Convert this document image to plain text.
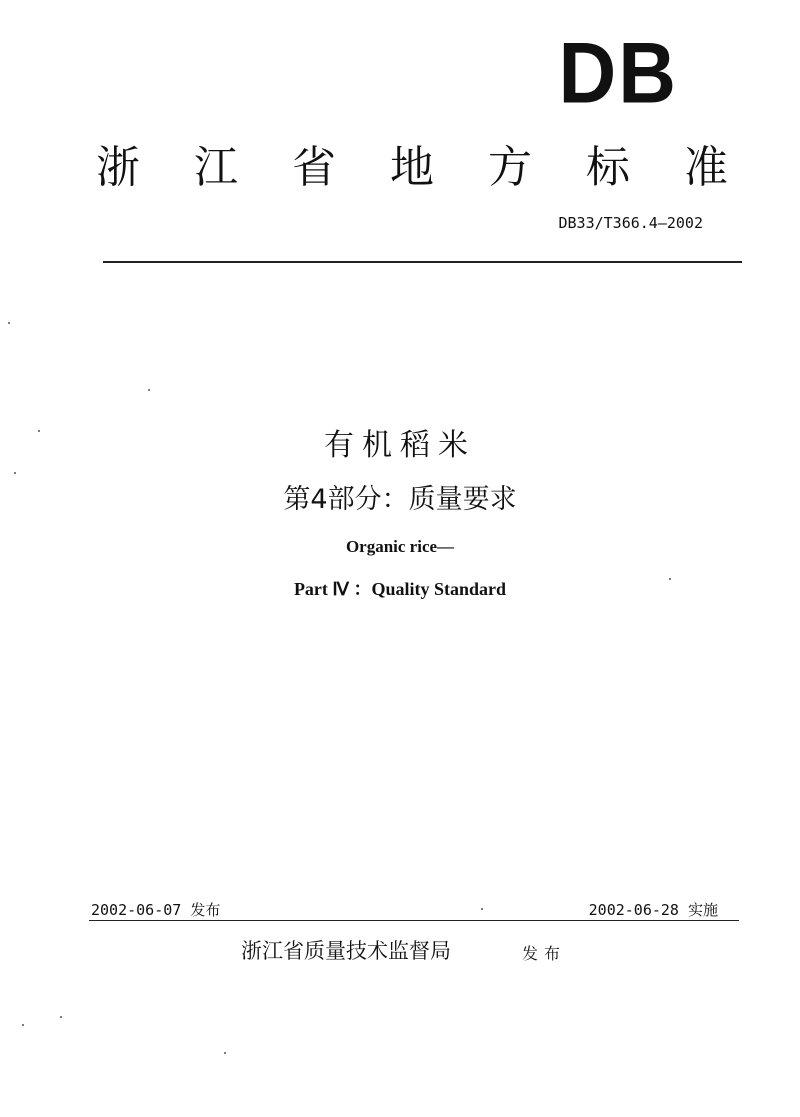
DB
浙 江 省 地 方 标 准
DB33/T366.4—2002
有机稻米
第4部分：质量要求
Organic rice—
Part Ⅳ ：Quality Standard
2002-06-07 发布	2002-06-28 实施
浙江省质量技术监督局	发布
